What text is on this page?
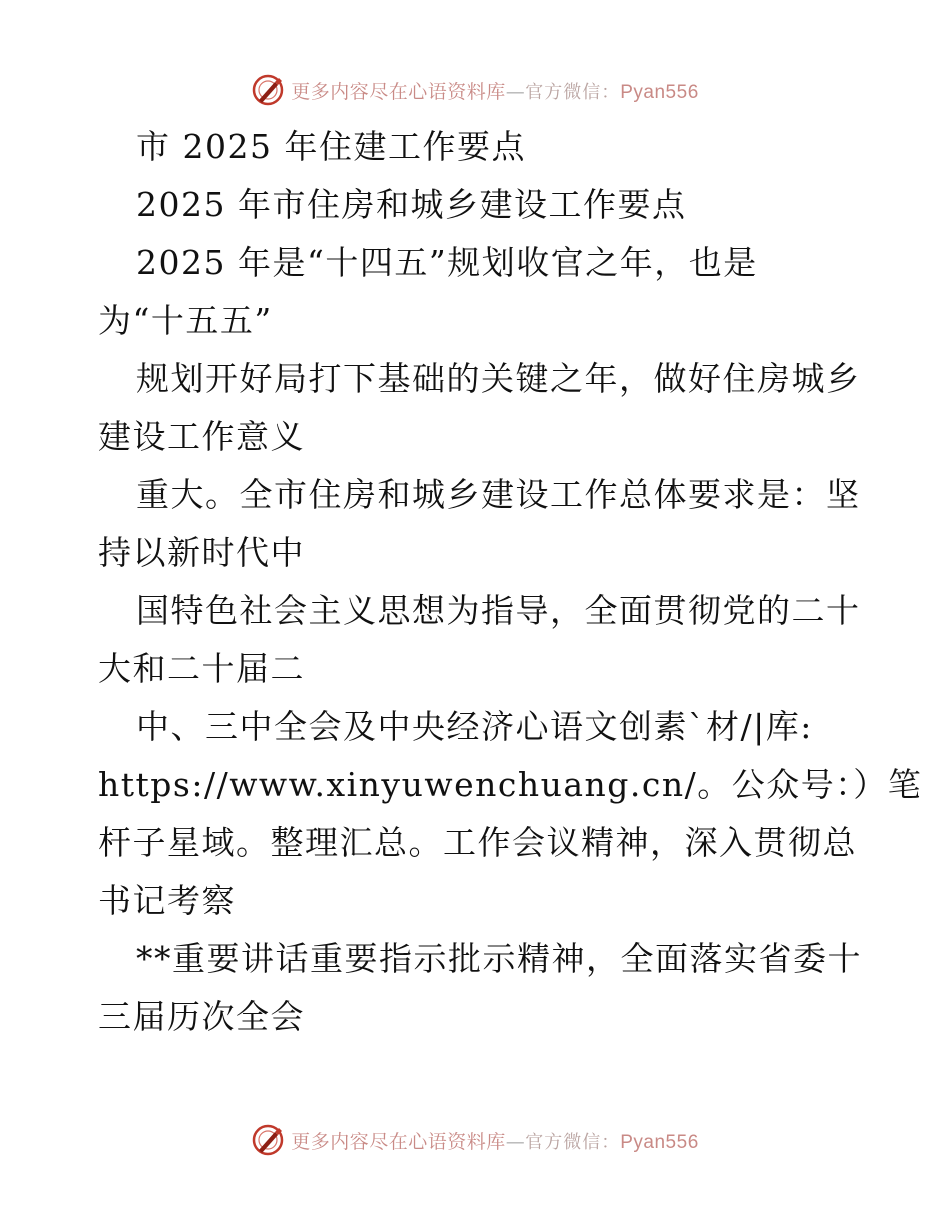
更多内容尽在心语资料库—官方微信：Pyan556
市 2025 年住建工作要点
2025 年市住房和城乡建设工作要点
2025 年是“十四五”规划收官之年，也是
为“十五五”
规划开好局打下基础的关键之年，做好住房城乡
建设工作意义
重大。全市住房和城乡建设工作总体要求是：坚
持以新时代中
国特色社会主义思想为指导，全面贯彻党的二十
大和二十届二
中、三中全会及中央经济心语文创素`材/|库:
https://www.xinyuwenchuang.cn/。公众号：）笔
杆子星域。整理汇总。工作会议精神，深入贯彻总
书记考察
**重要讲话重要指示批示精神，全面落实省委十
三届历次全会
更多内容尽在心语资料库—官方微信：Pyan556
